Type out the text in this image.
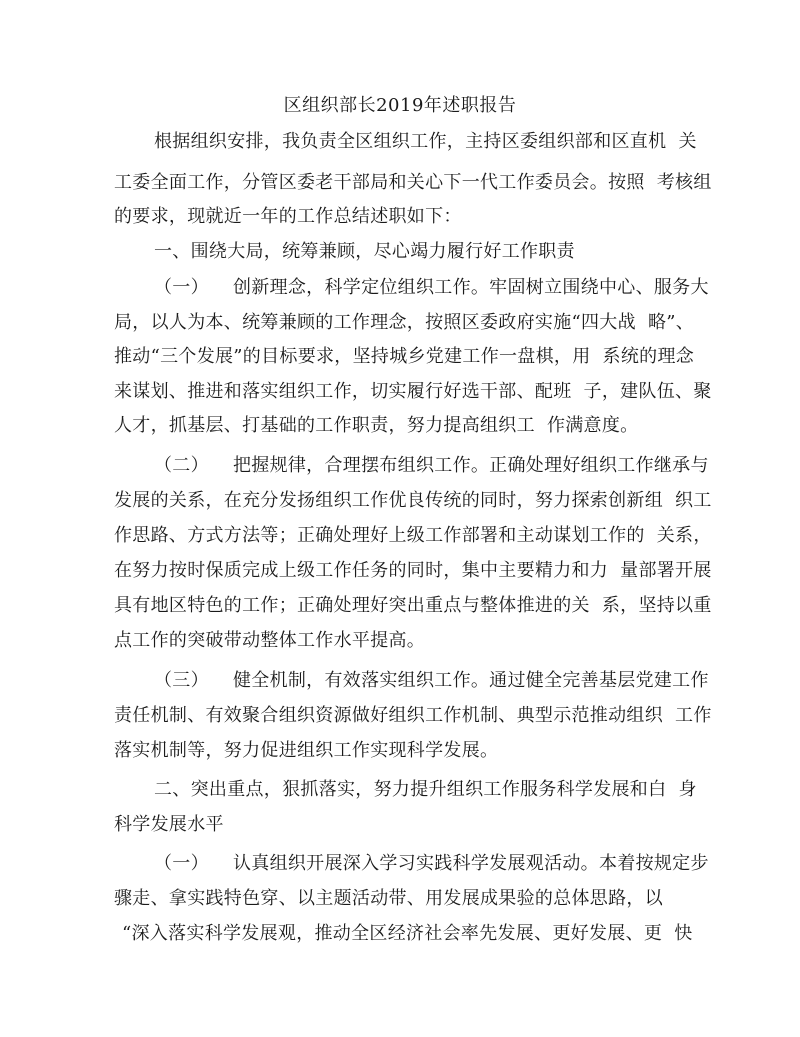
区组织部长2019年述职报告
根据组织安排，我负责全区组织工作，主持区委组织部和区直机  关
工委全面工作，分管区委老干部局和关心下一代工作委员会。按照  考核组
的要求，现就近一年的工作总结述职如下：
一、围绕大局，统筹兼顾，尽心竭力履行好工作职责
（一）    创新理念，科学定位组织工作。牢固树立围绕中心、服务大
局，以人为本、统筹兼顾的工作理念，按照区委政府实施“四大战  略”、
推动“三个发展”的目标要求，坚持城乡党建工作一盘棋，用  系统的理念
来谋划、推进和落实组织工作，切实履行好选干部、配班  子，建队伍、聚
人才，抓基层、打基础的工作职责，努力提高组织工  作满意度。
（二）    把握规律，合理摆布组织工作。正确处理好组织工作继承与
发展的关系，在充分发扬组织工作优良传统的同时，努力探索创新组  织工
作思路、方式方法等；正确处理好上级工作部署和主动谋划工作的  关系，
在努力按时保质完成上级工作任务的同时，集中主要精力和力  量部署开展
具有地区特色的工作；正确处理好突出重点与整体推进的关  系，坚持以重
点工作的突破带动整体工作水平提高。
（三）    健全机制，有效落实组织工作。通过健全完善基层党建工作
责任机制、有效聚合组织资源做好组织工作机制、典型示范推动组织  工作
落实机制等，努力促进组织工作实现科学发展。
二、突出重点，狠抓落实，努力提升组织工作服务科学发展和白  身
科学发展水平
（一）    认真组织开展深入学习实践科学发展观活动。本着按规定步
骤走、拿实践特色穿、以主题活动带、用发展成果验的总体思路，以
“深入落实科学发展观，推动全区经济社会率先发展、更好发展、更  快
